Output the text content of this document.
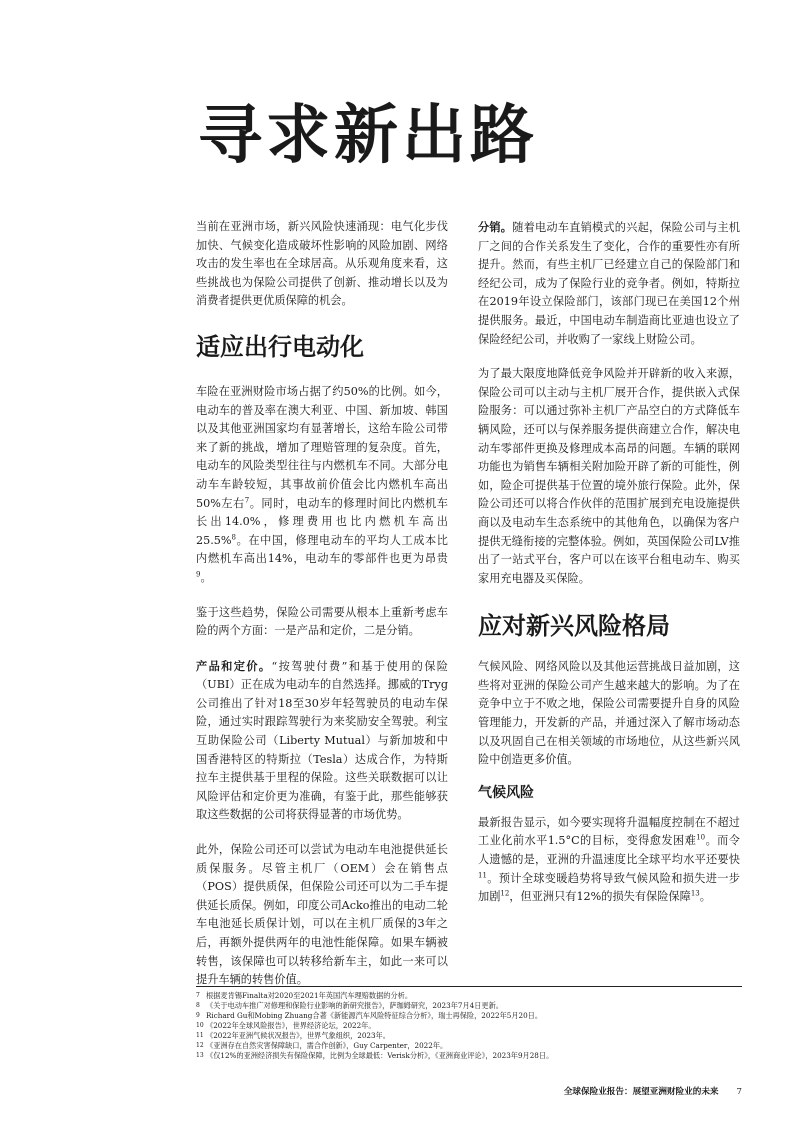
寻求新出路

当前在亚洲市场，新兴风险快速涌现：电气化步伐加快、气候变化造成破坏性影响的风险加剧、网络攻击的发生率也在全球居高。从乐观角度来看，这些挑战也为保险公司提供了创新、推动增长以及为消费者提供更优质保障的机会。

适应出行电动化

车险在亚洲财险市场占据了约50%的比例。如今，电动车的普及率在澳大利亚、中国、新加坡、韩国以及其他亚洲国家均有显著增长，这给车险公司带来了新的挑战，增加了理赔管理的复杂度。首先，电动车的风险类型往往与内燃机车不同。大部分电动车车龄较短，其事故前价值会比内燃机车高出50%左右$^7$。同时，电动车的修理时间比内燃机车长出14.0%，修理费用也比内燃机车高出25.5%$^8$。在中国，修理电动车的平均人工成本比内燃机车高出14%，电动车的零部件也更为昂贵$^9$。

鉴于这些趋势，保险公司需要从根本上重新考虑车险的两个方面：一是产品和定价，二是分销。

产品和定价。“按驾驶付费”和基于使用的保险（UBI）正在成为电动车的自然选择。挪威的Tryg公司推出了针对18至30岁年轻驾驶员的电动车保险，通过实时跟踪驾驶行为来奖励安全驾驶。利宝互助保险公司（Liberty Mutual）与新加坡和中国香港特区的特斯拉（Tesla）达成合作，为特斯拉车主提供基于里程的保险。这些关联数据可以让风险评估和定价更为准确，有鉴于此，那些能够获取这些数据的公司将获得显著的市场优势。

此外，保险公司还可以尝试为电动车电池提供延长质保服务。尽管主机厂（OEM）会在销售点（POS）提供质保，但保险公司还可以为二手车提供延长质保。例如，印度公司Acko推出的电动二轮车电池延长质保计划，可以在主机厂质保的3年之后，再额外提供两年的电池性能保障。如果车辆被转售，该保障也可以转移给新车主，如此一来可以提升车辆的转售价值。

分销。随着电动车直销模式的兴起，保险公司与主机厂之间的合作关系发生了变化，合作的重要性亦有所提升。然而，有些主机厂已经建立自己的保险部门和经纪公司，成为了保险行业的竞争者。例如，特斯拉在2019年设立保险部门，该部门现已在美国12个州提供服务。最近，中国电动车制造商比亚迪也设立了保险经纪公司，并收购了一家线上财险公司。

为了最大限度地降低竞争风险并开辟新的收入来源，保险公司可以主动与主机厂展开合作，提供嵌入式保险服务：可以通过弥补主机厂产品空白的方式降低车辆风险，还可以与保养服务提供商建立合作，解决电动车零部件更换及修理成本高昂的问题。车辆的联网功能也为销售车辆相关附加险开辟了新的可能性，例如，险企可提供基于位置的境外旅行保险。此外，保险公司还可以将合作伙伴的范围扩展到充电设施提供商以及电动车生态系统中的其他角色，以确保为客户提供无缝衔接的完整体验。例如，英国保险公司LV推出了一站式平台，客户可以在该平台租电动车、购买家用充电器及买保险。

应对新兴风险格局

气候风险、网络风险以及其他运营挑战日益加剧，这些将对亚洲的保险公司产生越来越大的影响。为了在竞争中立于不败之地，保险公司需要提升自身的风险管理能力，开发新的产品，并通过深入了解市场动态以及巩固自己在相关领域的市场地位，从这些新兴风险中创造更多价值。

气候风险

最新报告显示，如今要实现将升温幅度控制在不超过工业化前水平1.5°C的目标，变得愈发困难$^{10}$。而令人遗憾的是，亚洲的升温速度比全球平均水平还要快$^{11}$。预计全球变暖趋势将导致气候风险和损失进一步加剧$^{12}$，但亚洲只有12%的损失有保险保障$^{13}$。

7 根据麦肯锡Finalta对2020至2021年英国汽车理赔数据的分析。

8 《关于电动车推广对修理和保险行业影响的新研究报告》，萨珈姆研究，2023年7月4日更新。

9 Richard Gu和Mobing Zhuang合著《新能源汽车风险特征综合分析》，瑞士再保险，2022年5月20日。

10 《2022年全球风险报告》，世界经济论坛，2022年。

11 《2022年亚洲气候状况报告》，世界气象组织，2023年。

12 《亚洲存在自然灾害保障缺口，需合作创新》，Guy Carpenter，2022年。

13 《仅12%的亚洲经济损失有保险保障，比例为全球最低：Verisk分析》，《亚洲商业评论》，2023年9月28日。

全球保险业报告：展望亚洲财险业的未来 7
